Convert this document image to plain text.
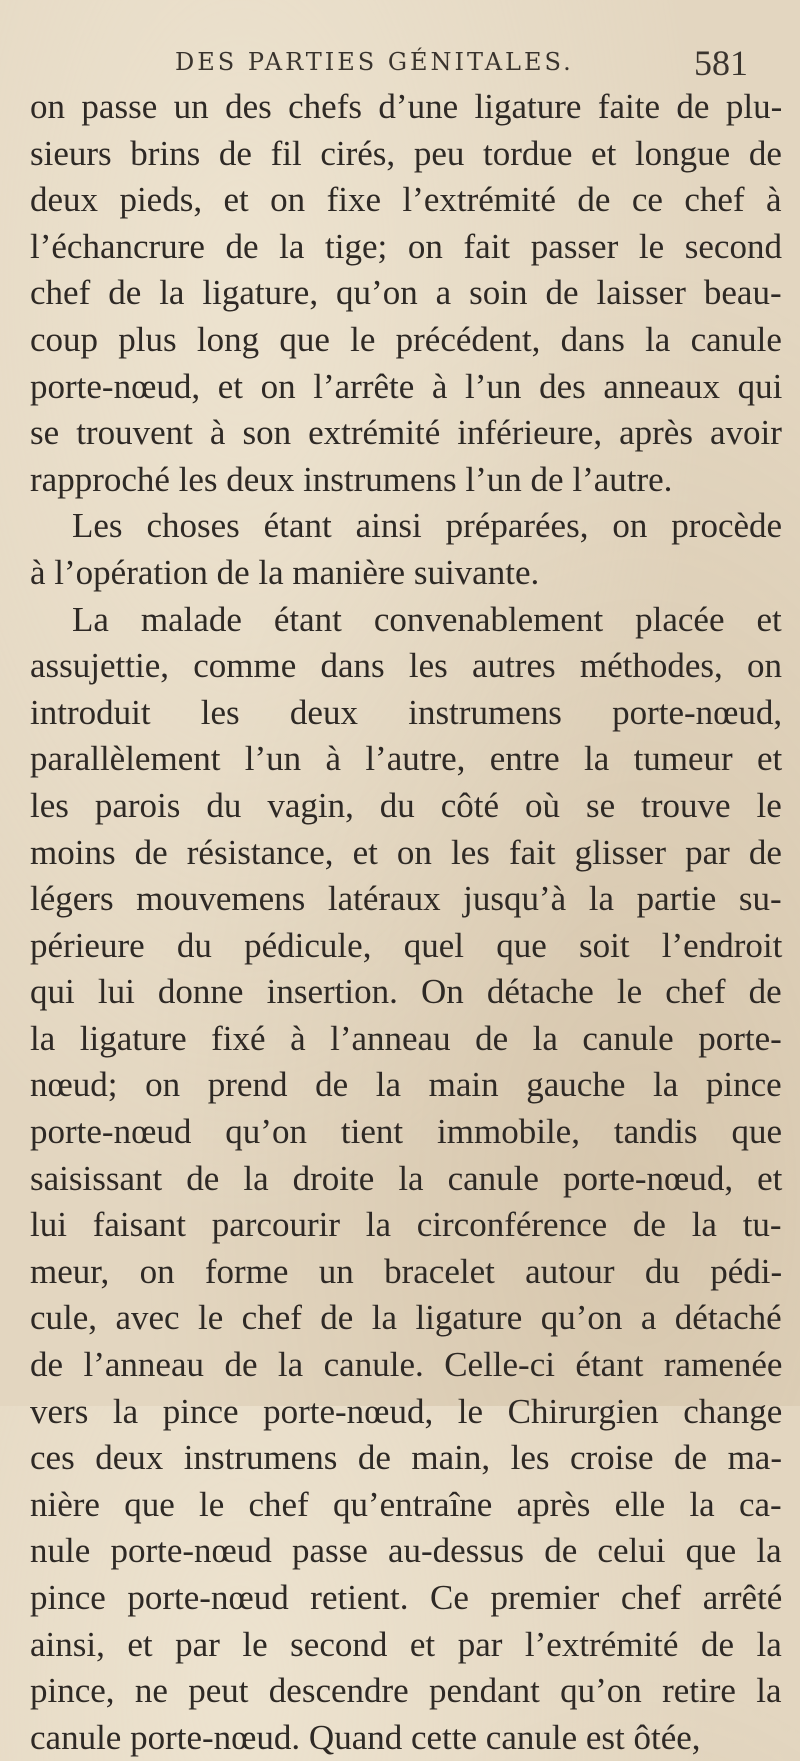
DES PARTIES GÉNITALES.	581
on passe un des chefs d’une ligature faite de plu-
sieurs brins de fil cirés, peu tordue et longue de
deux pieds, et on fixe l’extrémité de ce chef à
l’échancrure de la tige; on fait passer le second
chef de la ligature, qu’on a soin de laisser beau-
coup plus long que le précédent, dans la canule
porte-nœud, et on l’arrête à l’un des anneaux qui
se trouvent à son extrémité inférieure, après avoir
rapproché les deux instrumens l’un de l’autre.
Les choses étant ainsi préparées, on procède
à l’opération de la manière suivante.
La malade étant convenablement placée et
assujettie, comme dans les autres méthodes, on
introduit les deux instrumens porte-nœud,
parallèlement l’un à l’autre, entre la tumeur et
les parois du vagin, du côté où se trouve le
moins de résistance, et on les fait glisser par de
légers mouvemens latéraux jusqu’à la partie su-
périeure du pédicule, quel que soit l’endroit
qui lui donne insertion. On détache le chef de
la ligature fixé à l’anneau de la canule porte-
nœud; on prend de la main gauche la pince
porte-nœud qu’on tient immobile, tandis que
saisissant de la droite la canule porte-nœud, et
lui faisant parcourir la circonférence de la tu-
meur, on forme un bracelet autour du pédi-
cule, avec le chef de la ligature qu’on a détaché
de l’anneau de la canule. Celle-ci étant ramenée
vers la pince porte-nœud, le Chirurgien change
ces deux instrumens de main, les croise de ma-
nière que le chef qu’entraîne après elle la ca-
nule porte-nœud passe au-dessus de celui que la
pince porte-nœud retient. Ce premier chef arrêté
ainsi, et par le second et par l’extrémité de la
pince, ne peut descendre pendant qu’on retire la
canule porte-nœud. Quand cette canule est ôtée,
